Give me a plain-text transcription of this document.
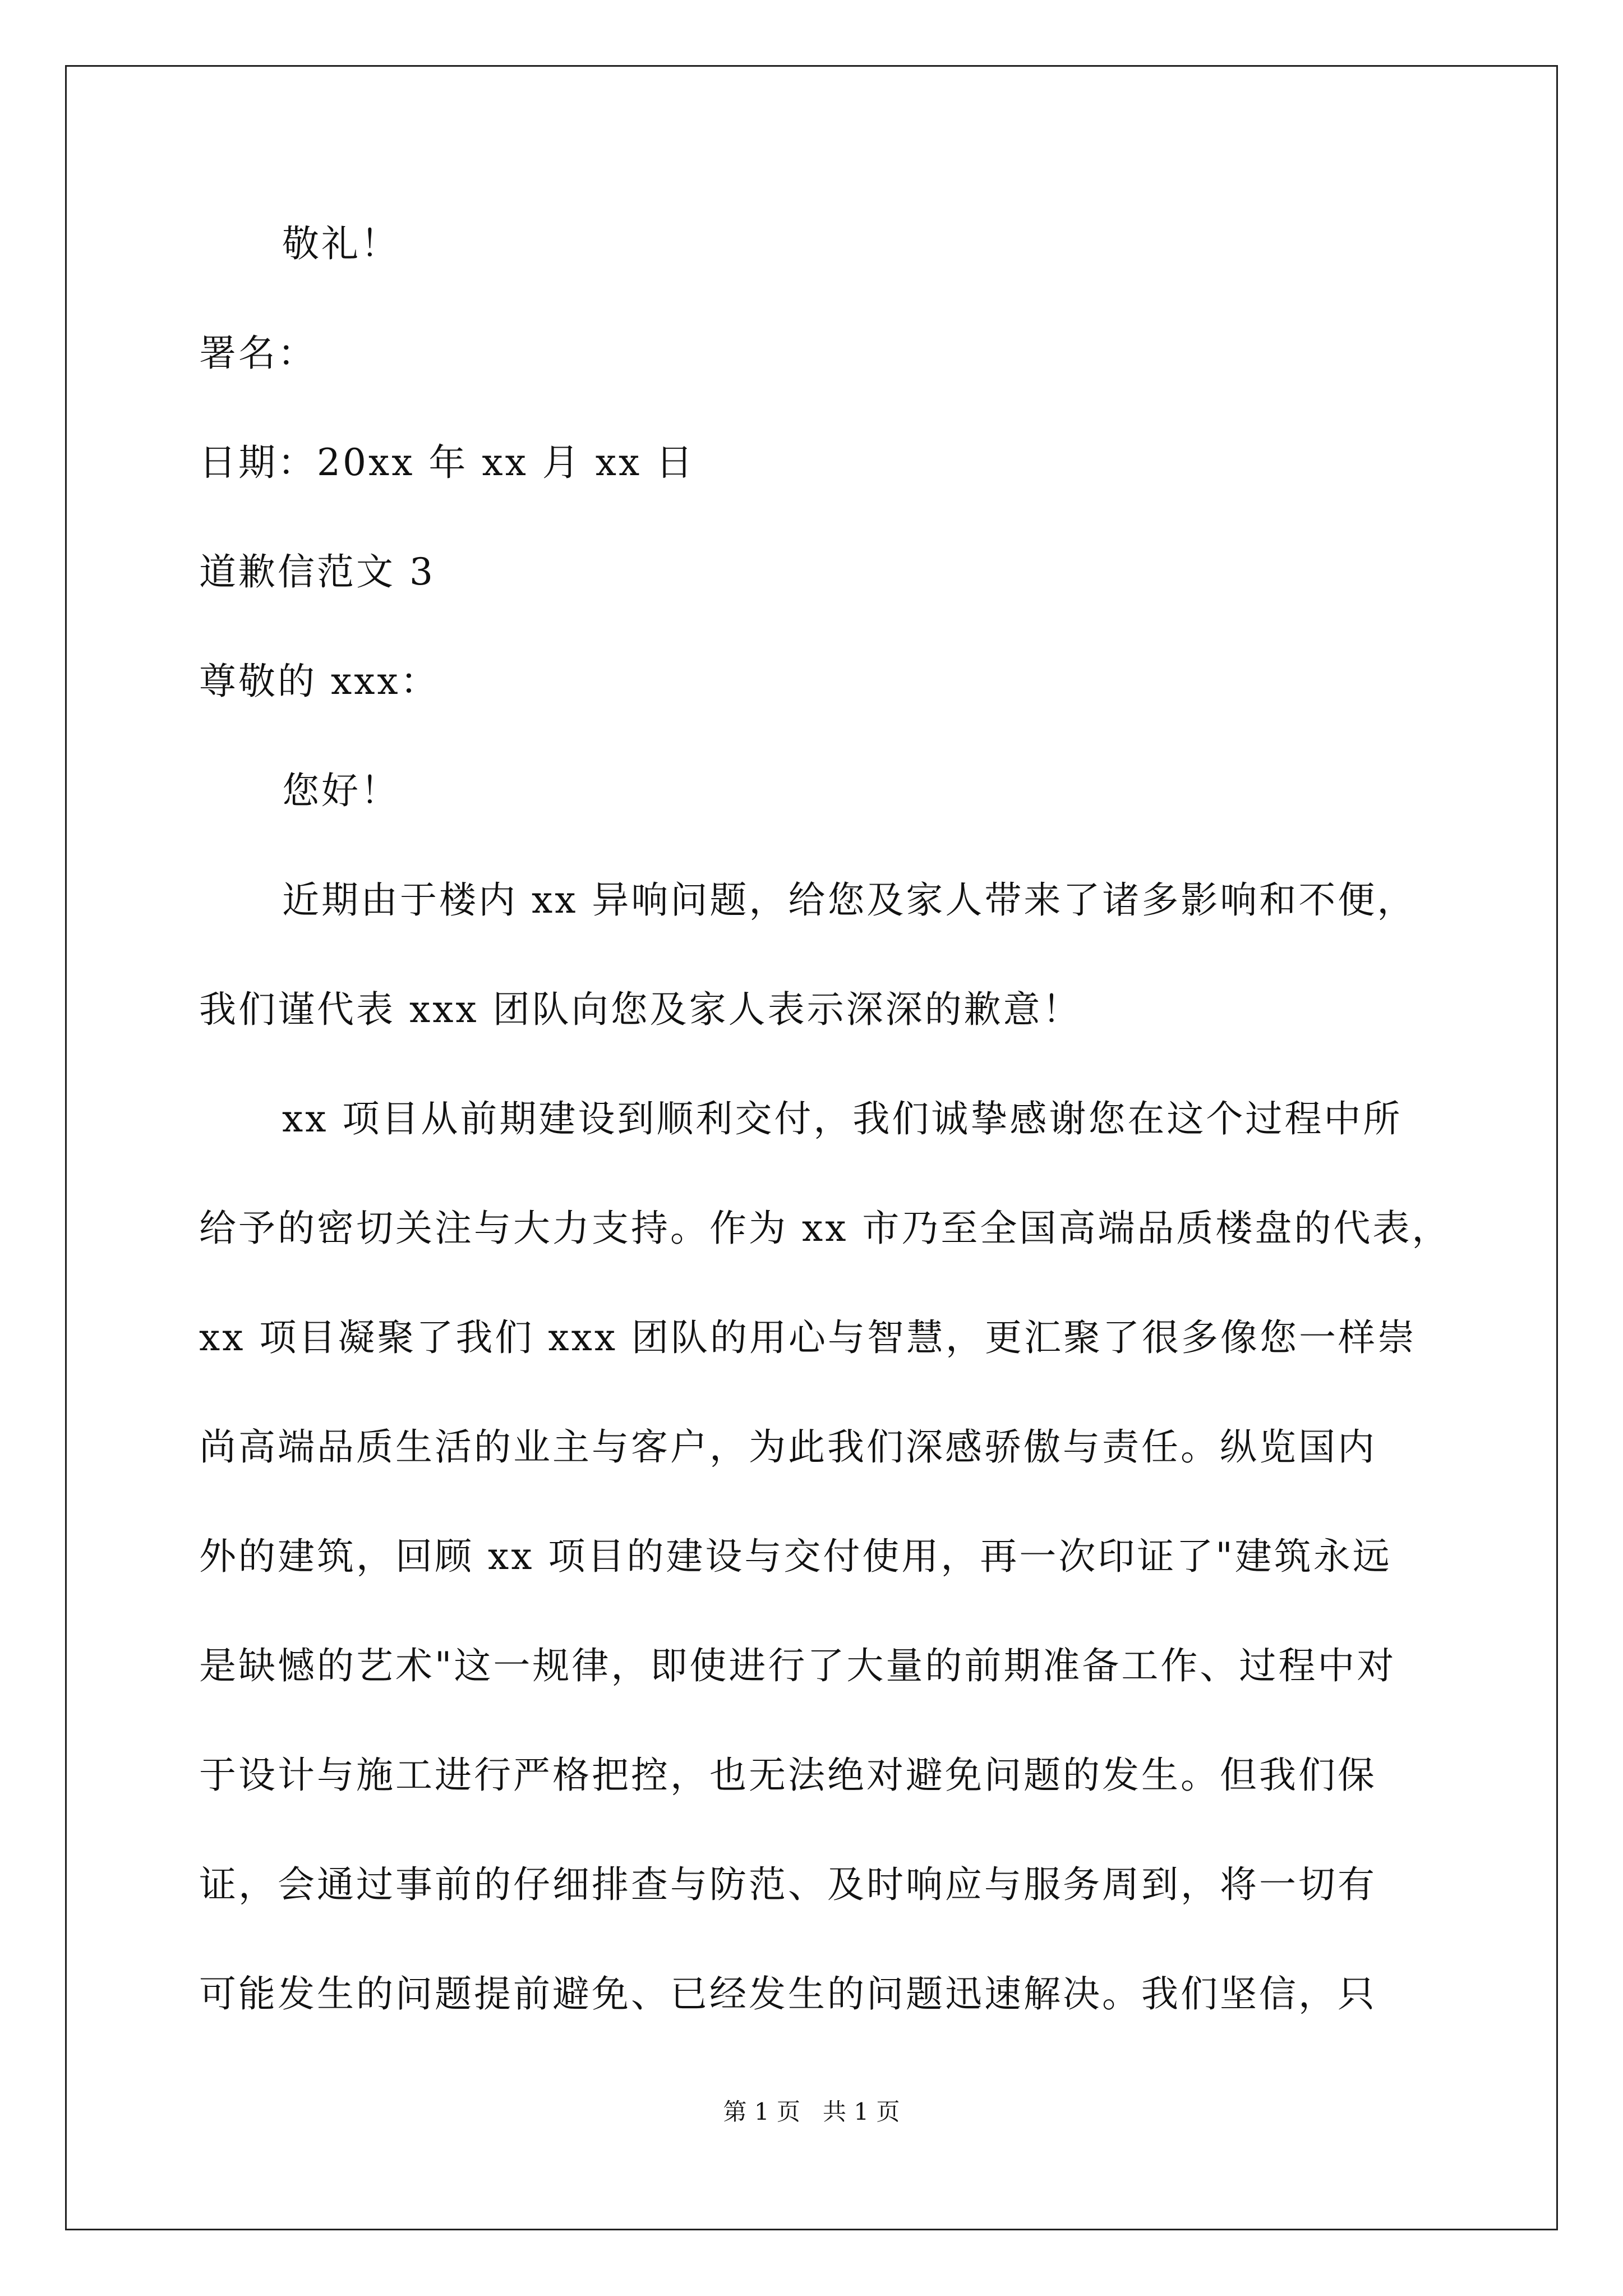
敬礼！
署名：
日期：20xx 年 xx 月 xx 日
道歉信范文 3
尊敬的 xxx：
您好！
近期由于楼内 xx 异响问题，给您及家人带来了诸多影响和不便，
我们谨代表 xxx 团队向您及家人表示深深的歉意！
xx 项目从前期建设到顺利交付，我们诚挚感谢您在这个过程中所
给予的密切关注与大力支持。作为 xx 市乃至全国高端品质楼盘的代表，
xx 项目凝聚了我们 xxx 团队的用心与智慧，更汇聚了很多像您一样崇
尚高端品质生活的业主与客户，为此我们深感骄傲与责任。纵览国内
外的建筑，回顾 xx 项目的建设与交付使用，再一次印证了"建筑永远
是缺憾的艺术"这一规律，即使进行了大量的前期准备工作、过程中对
于设计与施工进行严格把控，也无法绝对避免问题的发生。但我们保
证，会通过事前的仔细排查与防范、及时响应与服务周到，将一切有
可能发生的问题提前避免、已经发生的问题迅速解决。我们坚信，只
第 1 页   共 1 页
